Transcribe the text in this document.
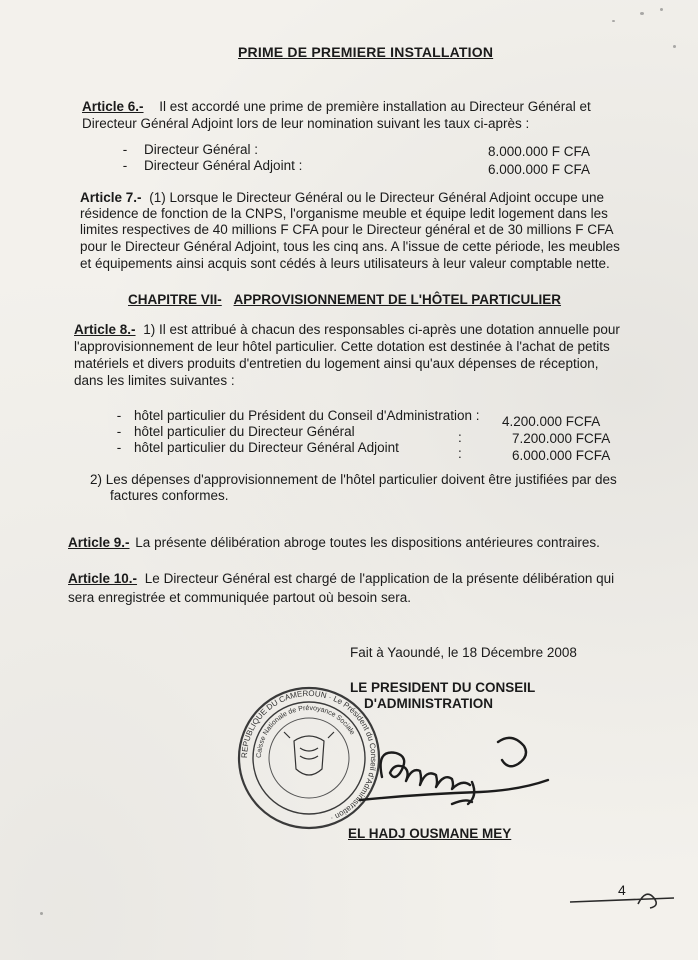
PRIME DE PREMIERE INSTALLATION
Article 6.- Il est accordé une prime de première installation au Directeur Général et
Directeur Général Adjoint lors de leur nomination suivant les taux ci-après :
- Directeur Général :	8.000.000 F CFA
- Directeur Général Adjoint :	6.000.000 F CFA
Article 7.- (1) Lorsque le Directeur Général ou le Directeur Général Adjoint occupe une
résidence de fonction de la CNPS, l'organisme meuble et équipe ledit logement dans les
limites respectives de 40 millions F CFA pour le Directeur général et de 30 millions F CFA
pour le Directeur Général Adjoint, tous les cinq ans. A l'issue de cette période, les meubles
et équipements ainsi acquis sont cédés à leurs utilisateurs à leur valeur comptable nette.
CHAPITRE VII- APPROVISIONNEMENT DE L'HÔTEL PARTICULIER
Article 8.- 1) Il est attribué à chacun des responsables ci-après une dotation annuelle pour
l'approvisionnement de leur hôtel particulier. Cette dotation est destinée à l'achat de petits
matériels et divers produits d'entretien du logement ainsi qu'aux dépenses de réception,
dans les limites suivantes :
- hôtel particulier du Président du Conseil d'Administration : 4.200.000 FCFA
- hôtel particulier du Directeur Général	:	7.200.000 FCFA
- hôtel particulier du Directeur Général Adjoint	:	6.000.000 FCFA
2) Les dépenses d'approvisionnement de l'hôtel particulier doivent être justifiées par des
factures conformes.
Article 9.- La présente délibération abroge toutes les dispositions antérieures contraires.
Article 10.- Le Directeur Général est chargé de l'application de la présente délibération qui
sera enregistrée et communiquée partout où besoin sera.
Fait à Yaoundé, le 18 Décembre 2008
LE PRESIDENT DU CONSEIL
D'ADMINISTRATION
REPUBLIQUE DU CAMEROUN · Le Président du Conseil d'Administration ·
Caisse Nationale de Prévoyance Sociale
EL HADJ OUSMANE MEY
4
